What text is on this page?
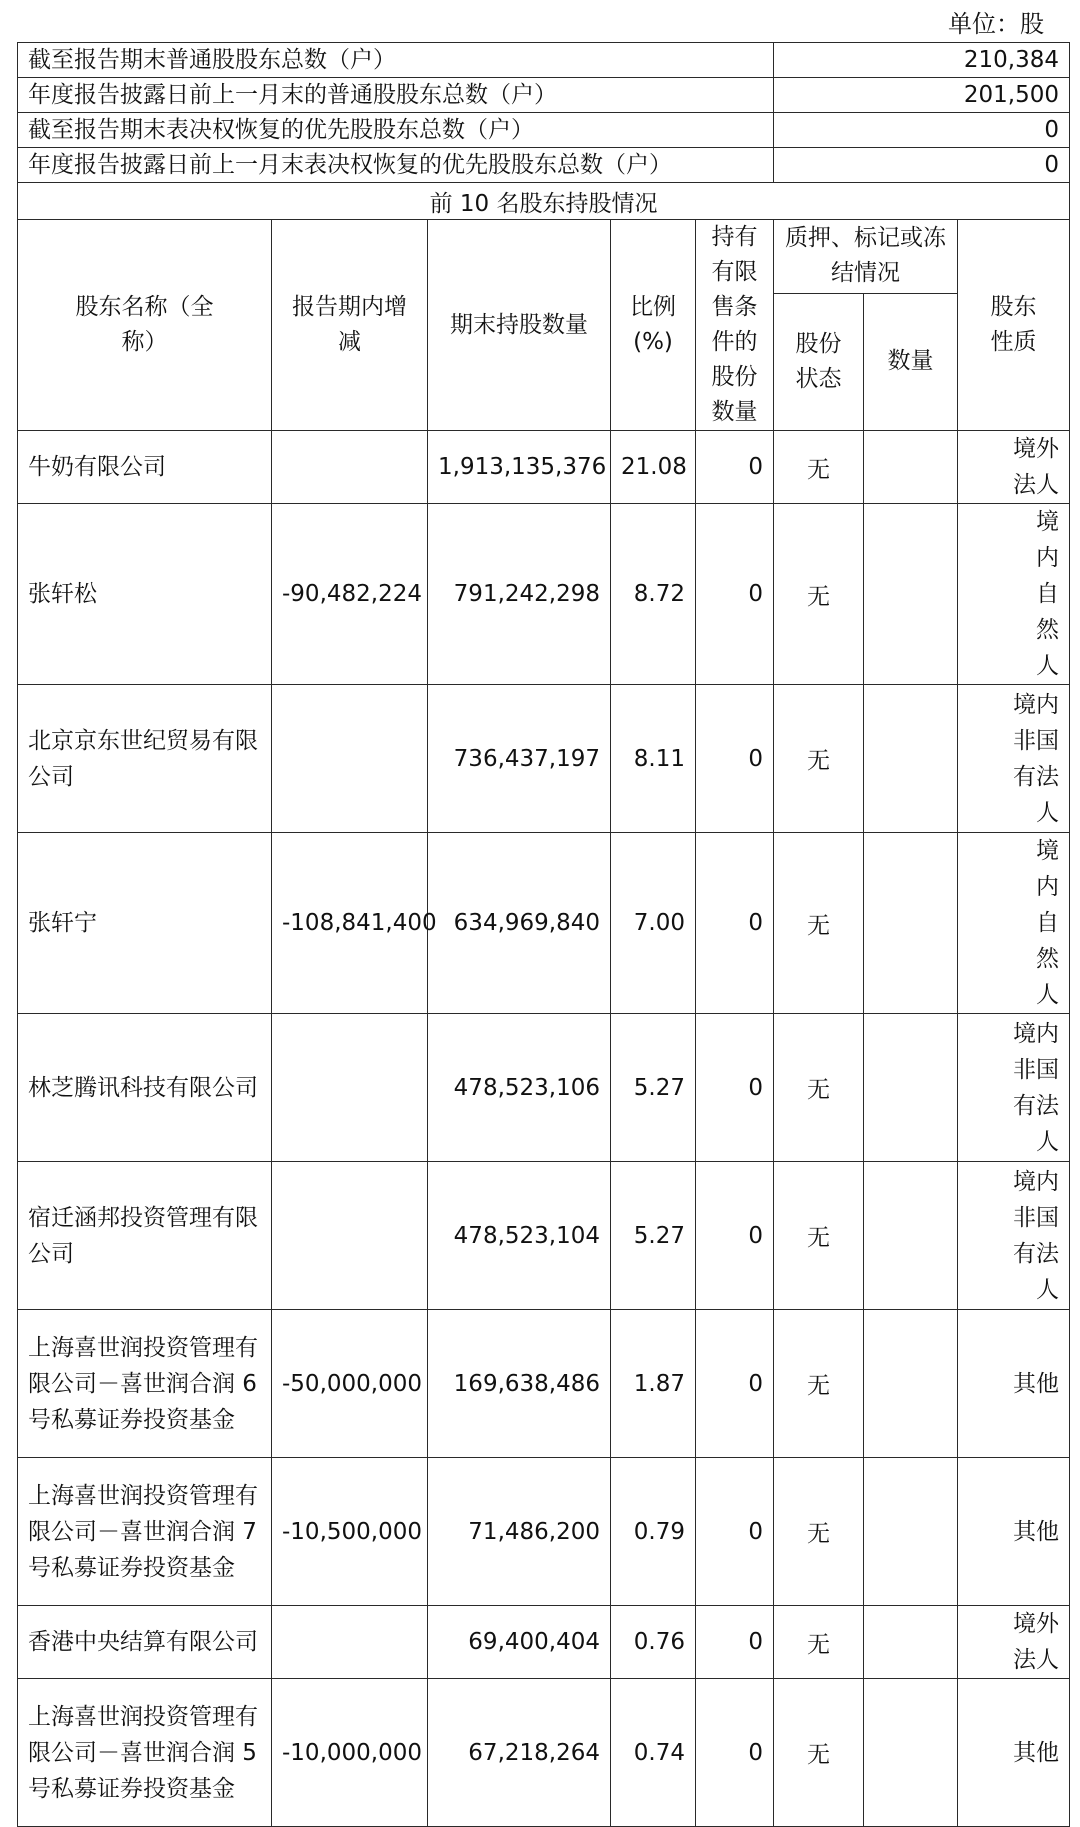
单位：股
截至报告期末普通股股东总数（户）					210,384		
年度报告披露日前上一月末的普通股股东总数（户）					201,500		
截至报告期末表决权恢复的优先股股东总数（户）					0		
年度报告披露日前上一月末表决权恢复的优先股股东总数（户）					0		
前 10 名股东持股情况							

股东名称（全称）	报告期内增减	期末持股数量	比例(%)	持有有限售条件的股份数量	质押、标记或冻结情况		股东性质

					股份状态	数量	
牛奶有限公司		1,913,135,376	21.08	0	无		境外法人

张轩松	-90,482,224	791,242,298	8.72	0	无		境内自然人

北京京东世纪贸易有限公司		736,437,197	8.11	0	无		境内非国有法人

张轩宁	-108,841,400	634,969,840	7.00	0	无		境内自然人

林芝腾讯科技有限公司		478,523,106	5.27	0	无		境内非国有法人

宿迁涵邦投资管理有限公司		478,523,104	5.27	0	无		境内非国有法人

上海喜世润投资管理有限公司－喜世润合润 6 号私募证券投资基金	-50,000,000	169,638,486	1.87	0	无		其他
上海喜世润投资管理有限公司－喜世润合润 7 号私募证券投资基金	-10,500,000	71,486,200	0.79	0	无		其他
香港中央结算有限公司		69,400,404	0.76	0	无		境外法人

上海喜世润投资管理有限公司－喜世润合润 5 号私募证券投资基金	-10,000,000	67,218,264	0.74	0	无		其他
